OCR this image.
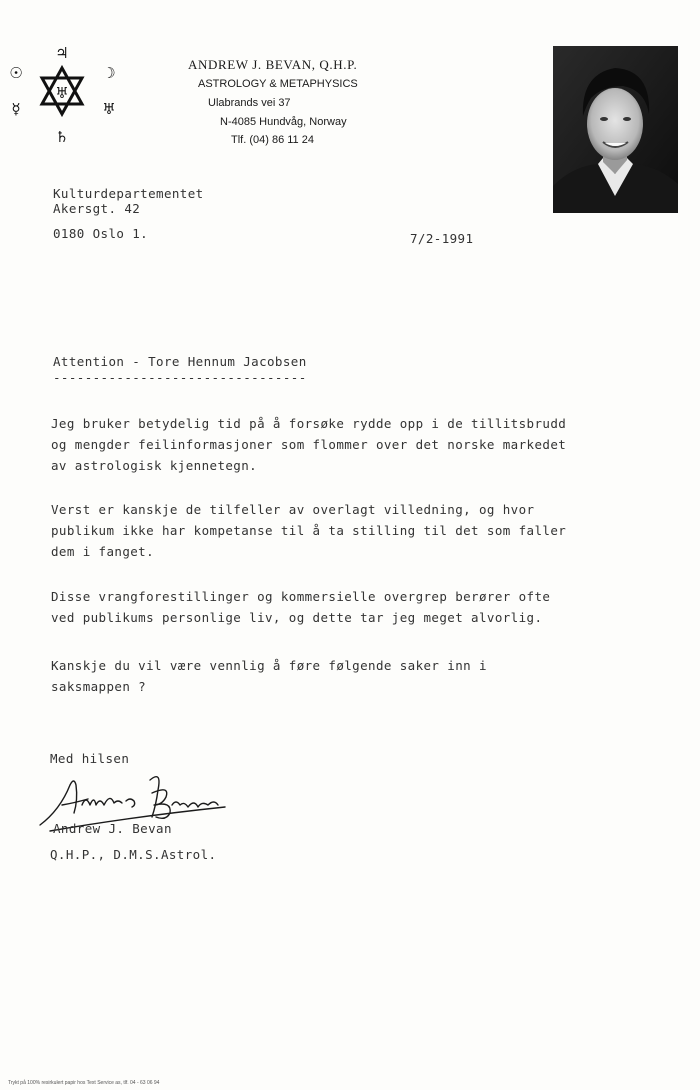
♅
♃
☉	☽
☿	♅
♄
ANDREW J. BEVAN, Q.H.P.
ASTROLOGY & METAPHYSICS
Ulabrands vei 37
N-4085 Hundvåg, Norway
Tlf. (04) 86 11 24
Kulturdepartementet
Akersgt. 42
0180 Oslo 1.	7/2-1991
Attention - Tore Hennum Jacobsen
--------------------------------
Jeg bruker betydelig tid på å forsøke rydde opp i de tillitsbrudd
og mengder feilinformasjoner som flommer over det norske markedet
av astrologisk kjennetegn.
Verst er kanskje de tilfeller av overlagt villedning, og hvor
publikum ikke har kompetanse til å ta stilling til det som faller
dem i fanget.
Disse vrangforestillinger og kommersielle overgrep berører ofte
ved publikums personlige liv, og dette tar jeg meget alvorlig.
Kanskje du vil være vennlig å føre følgende saker inn i
saksmappen ?
Med hilsen
Andrew J. Bevan
Q.H.P., D.M.S.Astrol.
Trykt på 100% resirkulert papir hos Text Service as, tlf. 04 - 63 06 94
